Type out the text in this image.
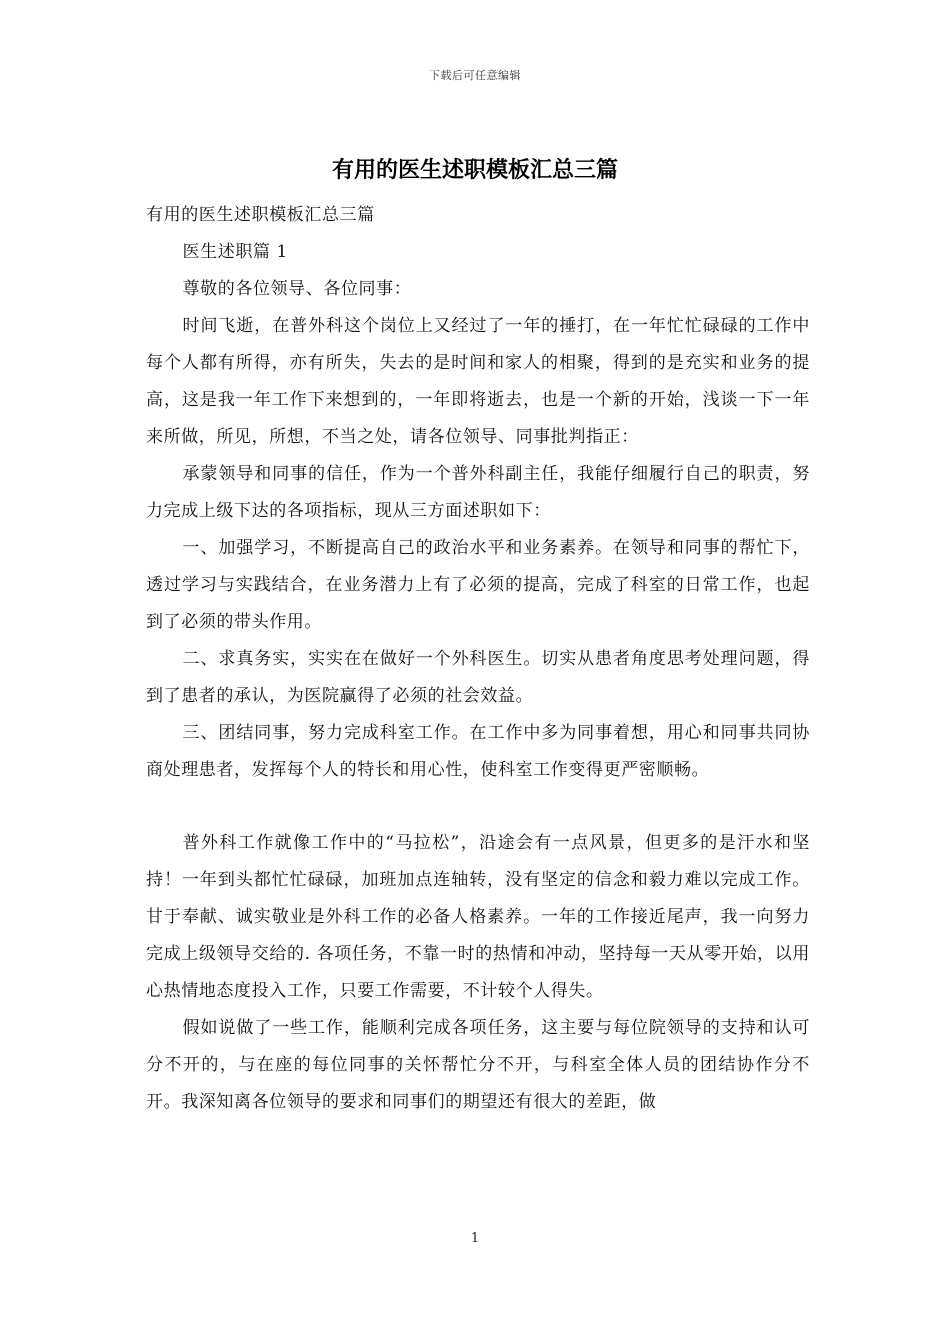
下载后可任意编辑
有用的医生述职模板汇总三篇

有用的医生述职模板汇总三篇

医生述职篇 1

尊敬的各位领导、各位同事：

时间飞逝，在普外科这个岗位上又经过了一年的捶打，在一年忙忙碌碌的工作中每个人都有所得，亦有所失，失去的是时间和家人的相聚，得到的是充实和业务的提高，这是我一年工作下来想到的，一年即将逝去，也是一个新的开始，浅谈一下一年来所做，所见，所想，不当之处，请各位领导、同事批判指正：

承蒙领导和同事的信任，作为一个普外科副主任，我能仔细履行自己的职责，努力完成上级下达的各项指标，现从三方面述职如下：

一、加强学习，不断提高自己的政治水平和业务素养。在领导和同事的帮忙下，透过学习与实践结合，在业务潜力上有了必须的提高，完成了科室的日常工作，也起到了必须的带头作用。

二、求真务实，实实在在做好一个外科医生。切实从患者角度思考处理问题，得到了患者的承认，为医院赢得了必须的社会效益。

三、团结同事，努力完成科室工作。在工作中多为同事着想，用心和同事共同协商处理患者，发挥每个人的特长和用心性，使科室工作变得更严密顺畅。

普外科工作就像工作中的“马拉松”，沿途会有一点风景，但更多的是汗水和坚持！一年到头都忙忙碌碌，加班加点连轴转，没有坚定的信念和毅力难以完成工作。甘于奉献、诚实敬业是外科工作的必备人格素养。一年的工作接近尾声，我一向努力完成上级领导交给的. 各项任务，不靠一时的热情和冲动，坚持每一天从零开始，以用心热情地态度投入工作，只要工作需要，不计较个人得失。

假如说做了一些工作，能顺利完成各项任务，这主要与每位院领导的支持和认可分不开的，与在座的每位同事的关怀帮忙分不开，与科室全体人员的团结协作分不开。我深知离各位领导的要求和同事们的期望还有很大的差距，做

1
